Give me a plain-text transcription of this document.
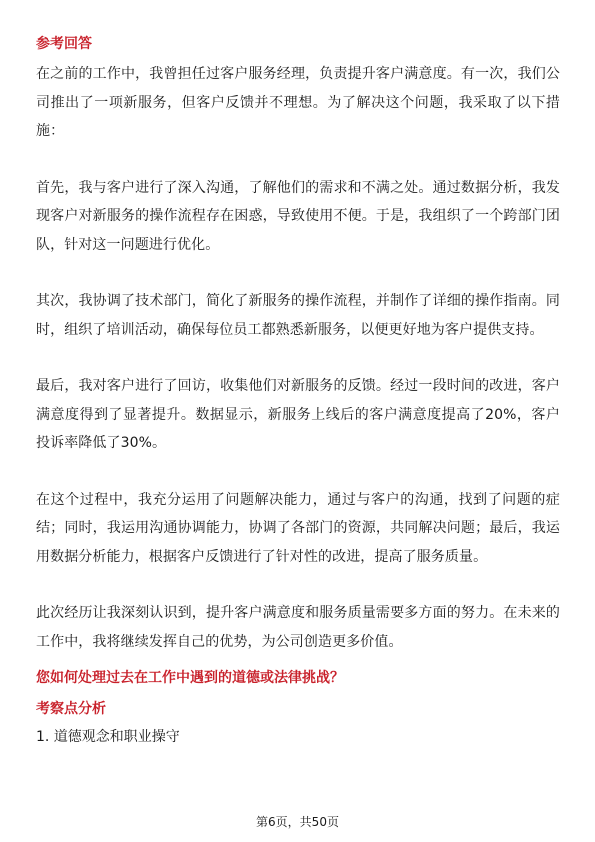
参考回答

在之前的工作中，我曾担任过客户服务经理，负责提升客户满意度。有一次，我们公司推出了一项新服务，但客户反馈并不理想。为了解决这个问题，我采取了以下措施：

首先，我与客户进行了深入沟通，了解他们的需求和不满之处。通过数据分析，我发现客户对新服务的操作流程存在困惑，导致使用不便。于是，我组织了一个跨部门团队，针对这一问题进行优化。

其次，我协调了技术部门，简化了新服务的操作流程，并制作了详细的操作指南。同时，组织了培训活动，确保每位员工都熟悉新服务，以便更好地为客户提供支持。

最后，我对客户进行了回访，收集他们对新服务的反馈。经过一段时间的改进，客户满意度得到了显著提升。数据显示，新服务上线后的客户满意度提高了20%，客户投诉率降低了30%。

在这个过程中，我充分运用了问题解决能力，通过与客户的沟通，找到了问题的症结；同时，我运用沟通协调能力，协调了各部门的资源，共同解决问题；最后，我运用数据分析能力，根据客户反馈进行了针对性的改进，提高了服务质量。

此次经历让我深刻认识到，提升客户满意度和服务质量需要多方面的努力。在未来的工作中，我将继续发挥自己的优势，为公司创造更多价值。

您如何处理过去在工作中遇到的道德或法律挑战？
考察点分析

1. 道德观念和职业操守

第6页，共50页
